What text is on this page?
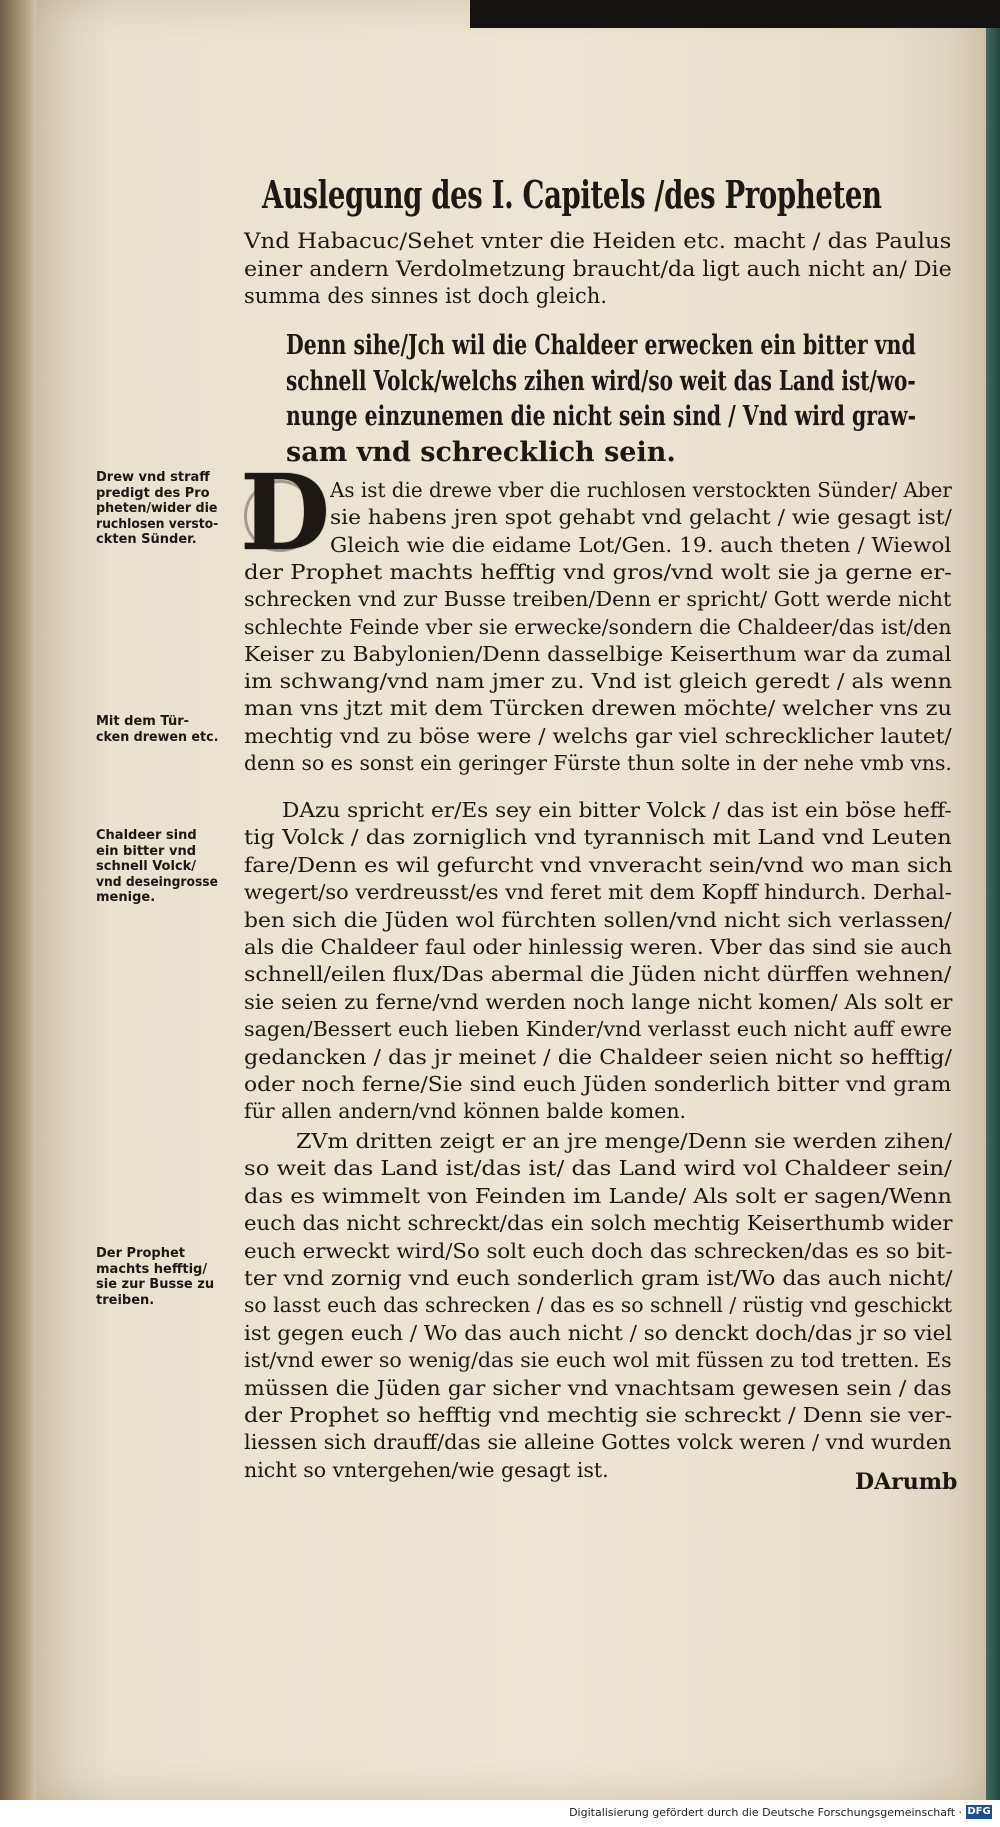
Auslegung des I. Capitels /des Propheten
Vnd Habacuc/Sehet vnter die Heiden etc. macht / das Paulus
einer andern Verdolmetzung braucht/da ligt auch nicht an/ Die
summa des sinnes ist doch gleich.
Denn sihe/Jch wil die Chaldeer erwecken ein bitter vnd
schnell Volck/welchs zihen wird/so weit das Land ist/wo-
nunge einzunemen die nicht sein sind / Vnd wird graw-
sam vnd schrecklich sein.
As ist die drewe vber die ruchlosen verstockten Sünder/ Aber
sie habens jren spot gehabt vnd gelacht / wie gesagt ist/
Gleich wie die eidame Lot/Gen. 19. auch theten / Wiewol
der Prophet machts hefftig vnd gros/vnd wolt sie ja gerne er-
schrecken vnd zur Busse treiben/Denn er spricht/ Gott werde nicht
schlechte Feinde vber sie erwecke/sondern die Chaldeer/das ist/den
Keiser zu Babylonien/Denn dasselbige Keiserthum war da zumal
im schwang/vnd nam jmer zu. Vnd ist gleich geredt / als wenn
man vns jtzt mit dem Türcken drewen möchte/ welcher vns zu
mechtig vnd zu böse were / welchs gar viel schrecklicher lautet/
denn so es sonst ein geringer Fürste thun solte in der nehe vmb vns.
DAzu spricht er/Es sey ein bitter Volck / das ist ein böse heff-
tig Volck / das zorniglich vnd tyrannisch mit Land vnd Leuten
fare/Denn es wil gefurcht vnd vnveracht sein/vnd wo man sich
wegert/so verdreusst/es vnd feret mit dem Kopff hindurch. Derhal-
ben sich die Jüden wol fürchten sollen/vnd nicht sich verlassen/
als die Chaldeer faul oder hinlessig weren. Vber das sind sie auch
schnell/eilen flux/Das abermal die Jüden nicht dürffen wehnen/
sie seien zu ferne/vnd werden noch lange nicht komen/ Als solt er
sagen/Bessert euch lieben Kinder/vnd verlasst euch nicht auff ewre
gedancken / das jr meinet / die Chaldeer seien nicht so hefftig/
oder noch ferne/Sie sind euch Jüden sonderlich bitter vnd gram
für allen andern/vnd können balde komen.
ZVm dritten zeigt er an jre menge/Denn sie werden zihen/
so weit das Land ist/das ist/ das Land wird vol Chaldeer sein/
das es wimmelt von Feinden im Lande/ Als solt er sagen/Wenn
euch das nicht schreckt/das ein solch mechtig Keiserthumb wider
euch erweckt wird/So solt euch doch das schrecken/das es so bit-
ter vnd zornig vnd euch sonderlich gram ist/Wo das auch nicht/
so lasst euch das schrecken / das es so schnell / rüstig vnd geschickt
ist gegen euch / Wo das auch nicht / so denckt doch/das jr so viel
ist/vnd ewer so wenig/das sie euch wol mit füssen zu tod tretten. Es
müssen die Jüden gar sicher vnd vnachtsam gewesen sein / das
der Prophet so hefftig vnd mechtig sie schreckt / Denn sie ver-
liessen sich drauff/das sie alleine Gottes volck weren / vnd wurden
nicht so vntergehen/wie gesagt ist.
D
Drew vnd straff
predigt des Pro
pheten/wider die
ruchlosen versto-
ckten Sünder.
Mit dem Tür-
cken drewen etc.
Chaldeer sind
ein bitter vnd
schnell Volck/
vnd deseingrosse
menige.
Der Prophet
machts hefftig/
sie zur Busse zu
treiben.
DArumb
Digitalisierung gefördert durch die Deutsche Forschungsgemeinschaft · DFG
